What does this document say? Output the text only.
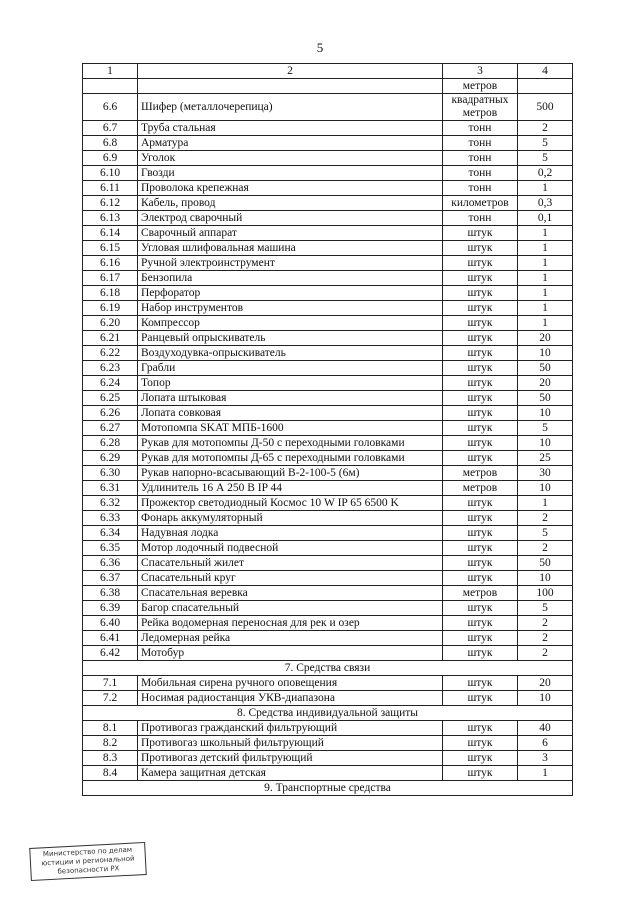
5
1	2	3	4
		метров	
6.6	Шифер (металлочерепица)	квадратных метров	500
6.7	Труба стальная	тонн	2
6.8	Арматура	тонн	5
6.9	Уголок	тонн	5
6.10	Гвозди	тонн	0,2
6.11	Проволока крепежная	тонн	1
6.12	Кабель, провод	километров	0,3
6.13	Электрод сварочный	тонн	0,1
6.14	Сварочный аппарат	штук	1
6.15	Угловая шлифовальная машина	штук	1
6.16	Ручной электроинструмент	штук	1
6.17	Бензопила	штук	1
6.18	Перфоратор	штук	1
6.19	Набор инструментов	штук	1
6.20	Компрессор	штук	1
6.21	Ранцевый опрыскиватель	штук	20
6.22	Воздуходувка-опрыскиватель	штук	10
6.23	Грабли	штук	50
6.24	Топор	штук	20
6.25	Лопата штыковая	штук	50
6.26	Лопата совковая	штук	10
6.27	Мотопомпа SKAT МПБ-1600	штук	5
6.28	Рукав для мотопомпы Д-50 с переходными головками	штук	10
6.29	Рукав для мотопомпы Д-65 с переходными головками	штук	25
6.30	Рукав напорно-всасывающий В-2-100-5 (6м)	метров	30
6.31	Удлинитель 16 А 250 В IP 44	метров	10
6.32	Прожектор светодиодный Космос 10 W IP 65 6500 K	штук	1
6.33	Фонарь аккумуляторный	штук	2
6.34	Надувная лодка	штук	5
6.35	Мотор лодочный подвесной	штук	2
6.36	Спасательный жилет	штук	50
6.37	Спасательный круг	штук	10
6.38	Спасательная веревка	метров	100
6.39	Багор спасательный	штук	5
6.40	Рейка водомерная переносная для рек и озер	штук	2
6.41	Ледомерная рейка	штук	2
6.42	Мотобур	штук	2
7. Средства связи			
7.1	Мобильная сирена ручного оповещения	штук	20
7.2	Носимая радиостанция УКВ-диапазона	штук	10
8. Средства индивидуальной защиты			
8.1	Противогаз гражданский фильтрующий	штук	40
8.2	Противогаз школьный фильтрующий	штук	6
8.3	Противогаз детский фильтрующий	штук	3
8.4	Камера защитная детская	штук	1
9. Транспортные средства			
Министерство по делам юстиции и региональной безопасности РХ
